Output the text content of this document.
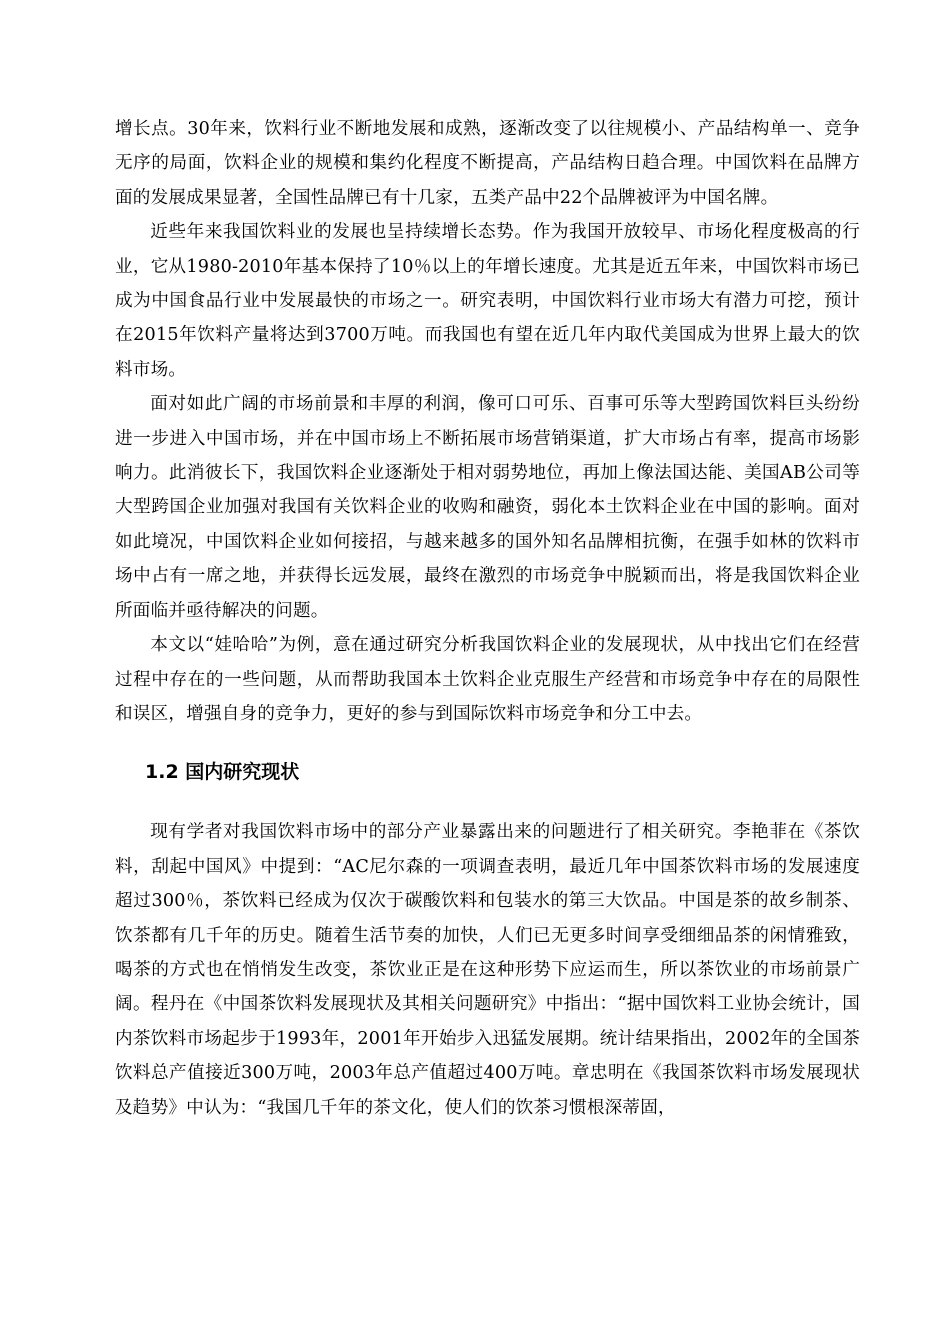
增长点。30年来，饮料行业不断地发展和成熟，逐渐改变了以往规模小、产品结构单一、竞争无序的局面，饮料企业的规模和集约化程度不断提高，产品结构日趋合理。中国饮料在品牌方面的发展成果显著，全国性品牌已有十几家，五类产品中22个品牌被评为中国名牌。

近些年来我国饮料业的发展也呈持续增长态势。作为我国开放较早、市场化程度极高的行业，它从1980-2010年基本保持了10％以上的年增长速度。尤其是近五年来，中国饮料市场已成为中国食品行业中发展最快的市场之一。研究表明，中国饮料行业市场大有潜力可挖，预计在2015年饮料产量将达到3700万吨。而我国也有望在近几年内取代美国成为世界上最大的饮料市场。

面对如此广阔的市场前景和丰厚的利润，像可口可乐、百事可乐等大型跨国饮料巨头纷纷进一步进入中国市场，并在中国市场上不断拓展市场营销渠道，扩大市场占有率，提高市场影响力。此消彼长下，我国饮料企业逐渐处于相对弱势地位，再加上像法国达能、美国AB公司等大型跨国企业加强对我国有关饮料企业的收购和融资，弱化本土饮料企业在中国的影响。面对如此境况，中国饮料企业如何接招，与越来越多的国外知名品牌相抗衡，在强手如林的饮料市场中占有一席之地，并获得长远发展，最终在激烈的市场竞争中脱颖而出，将是我国饮料企业所面临并亟待解决的问题。

本文以“娃哈哈”为例，意在通过研究分析我国饮料企业的发展现状，从中找出它们在经营过程中存在的一些问题，从而帮助我国本土饮料企业克服生产经营和市场竞争中存在的局限性和误区，增强自身的竞争力，更好的参与到国际饮料市场竞争和分工中去。

1.2 国内研究现状

现有学者对我国饮料市场中的部分产业暴露出来的问题进行了相关研究。李艳菲在《茶饮料，刮起中国风》中提到：“AC尼尔森的一项调查表明，最近几年中国茶饮料市场的发展速度超过300％，茶饮料已经成为仅次于碳酸饮料和包装水的第三大饮品。中国是茶的故乡制茶、饮茶都有几千年的历史。随着生活节奏的加快，人们已无更多时间享受细细品茶的闲情雅致，喝茶的方式也在悄悄发生改变，茶饮业正是在这种形势下应运而生，所以茶饮业的市场前景广阔。程丹在《中国茶饮料发展现状及其相关问题研究》中指出：“据中国饮料工业协会统计，国内茶饮料市场起步于1993年，2001年开始步入迅猛发展期。统计结果指出，2002年的全国茶饮料总产值接近300万吨，2003年总产值超过400万吨。章忠明在《我国茶饮料市场发展现状及趋势》中认为：“我国几千年的茶文化，使人们的饮茶习惯根深蒂固，
